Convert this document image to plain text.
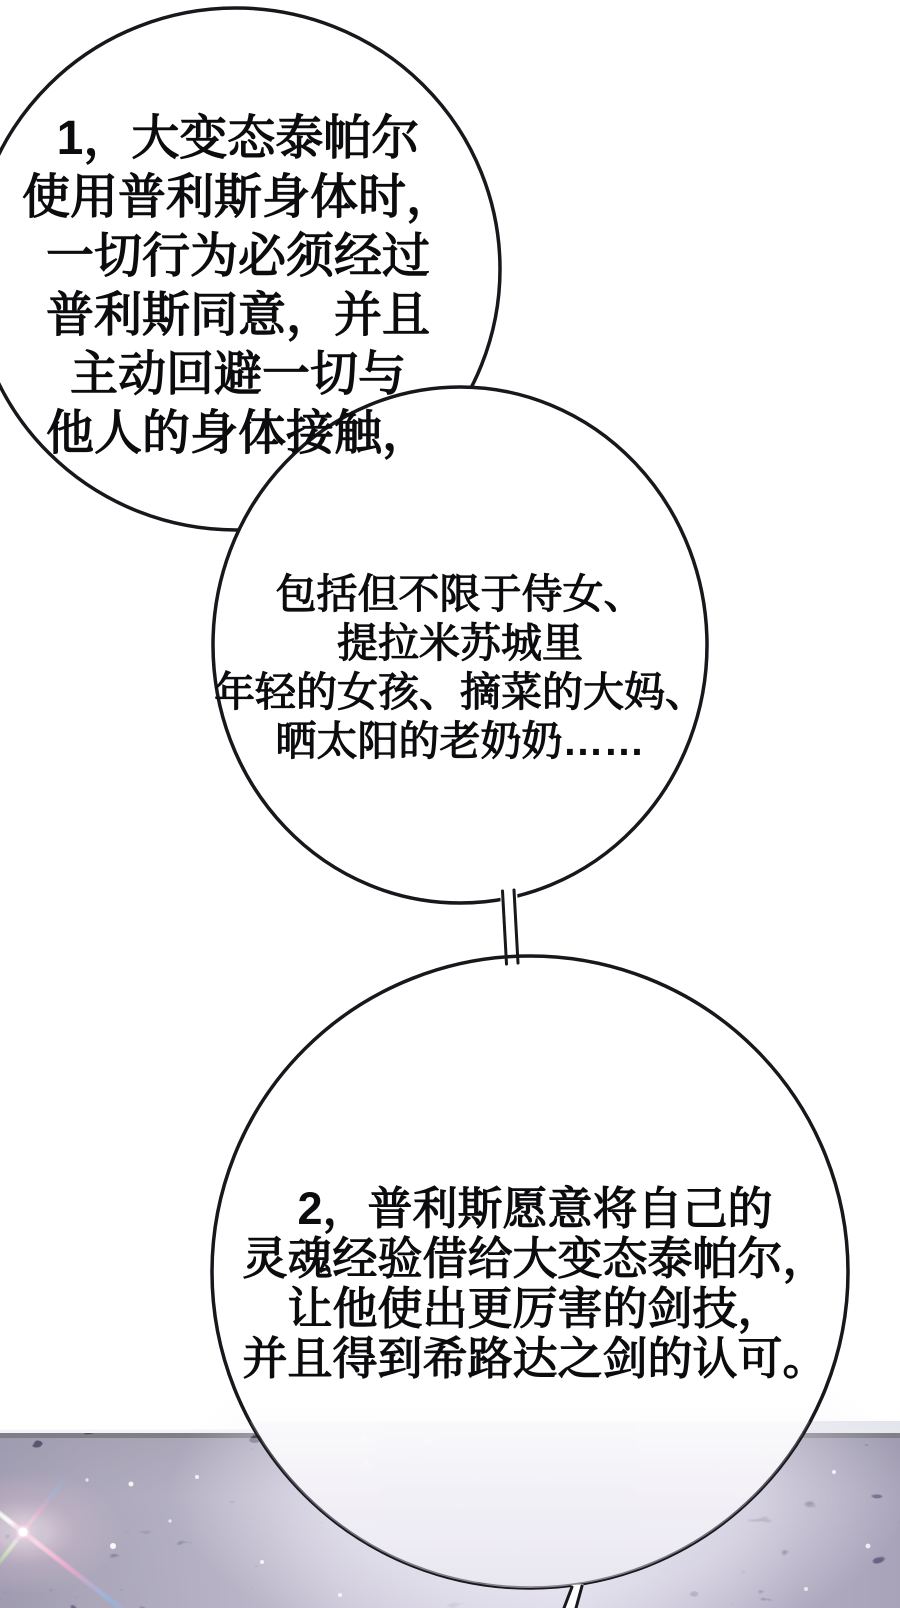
1，大变态泰帕尔
使用普利斯身体时，
一切行为必须经过
普利斯同意，并且
主动回避一切与
他人的身体接触，
包括但不限于侍女、
提拉米苏城里
年轻的女孩、摘菜的大妈、
晒太阳的老奶奶……
2，普利斯愿意将自己的
灵魂经验借给大变态泰帕尔，
让他使出更厉害的剑技，
并且得到希路达之剑的认可。
